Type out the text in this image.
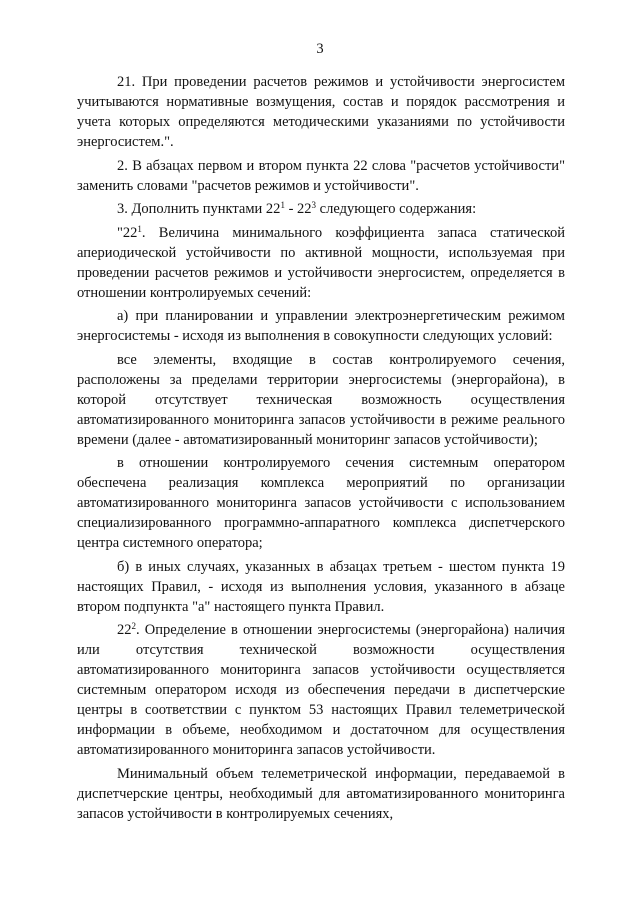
3

21. При проведении расчетов режимов и устойчивости энергосистем учитываются нормативные возмущения, состав и порядок рассмотрения и учета которых определяются методическими указаниями по устойчивости энергосистем.".

2. В абзацах первом и втором пункта 22 слова "расчетов устойчивости" заменить словами "расчетов режимов и устойчивости".

3. Дополнить пунктами $22^1 - 22^3$ следующего содержания:

"$22^1$. Величина минимального коэффициента запаса статической апериодической устойчивости по активной мощности, используемая при проведении расчетов режимов и устойчивости энергосистем, определяется в отношении контролируемых сечений:

а) при планировании и управлении электроэнергетическим режимом энергосистемы - исходя из выполнения в совокупности следующих условий:

все элементы, входящие в состав контролируемого сечения, расположены за пределами территории энергосистемы (энергорайона), в которой отсутствует техническая возможность осуществления автоматизированного мониторинга запасов устойчивости в режиме реального времени (далее - автоматизированный мониторинг запасов устойчивости);

в отношении контролируемого сечения системным оператором обеспечена реализация комплекса мероприятий по организации автоматизированного мониторинга запасов устойчивости с использованием специализированного программно-аппаратного комплекса диспетчерского центра системного оператора;

б) в иных случаях, указанных в абзацах третьем - шестом пункта 19 настоящих Правил, - исходя из выполнения условия, указанного в абзаце втором подпункта "а" настоящего пункта Правил.

$22^2$. Определение в отношении энергосистемы (энергорайона) наличия или отсутствия технической возможности осуществления автоматизированного мониторинга запасов устойчивости осуществляется системным оператором исходя из обеспечения передачи в диспетчерские центры в соответствии с пунктом 53 настоящих Правил телеметрической информации в объеме, необходимом и достаточном для осуществления автоматизированного мониторинга запасов устойчивости.

Минимальный объем телеметрической информации, передаваемой в диспетчерские центры, необходимый для автоматизированного мониторинга запасов устойчивости в контролируемых сечениях,
